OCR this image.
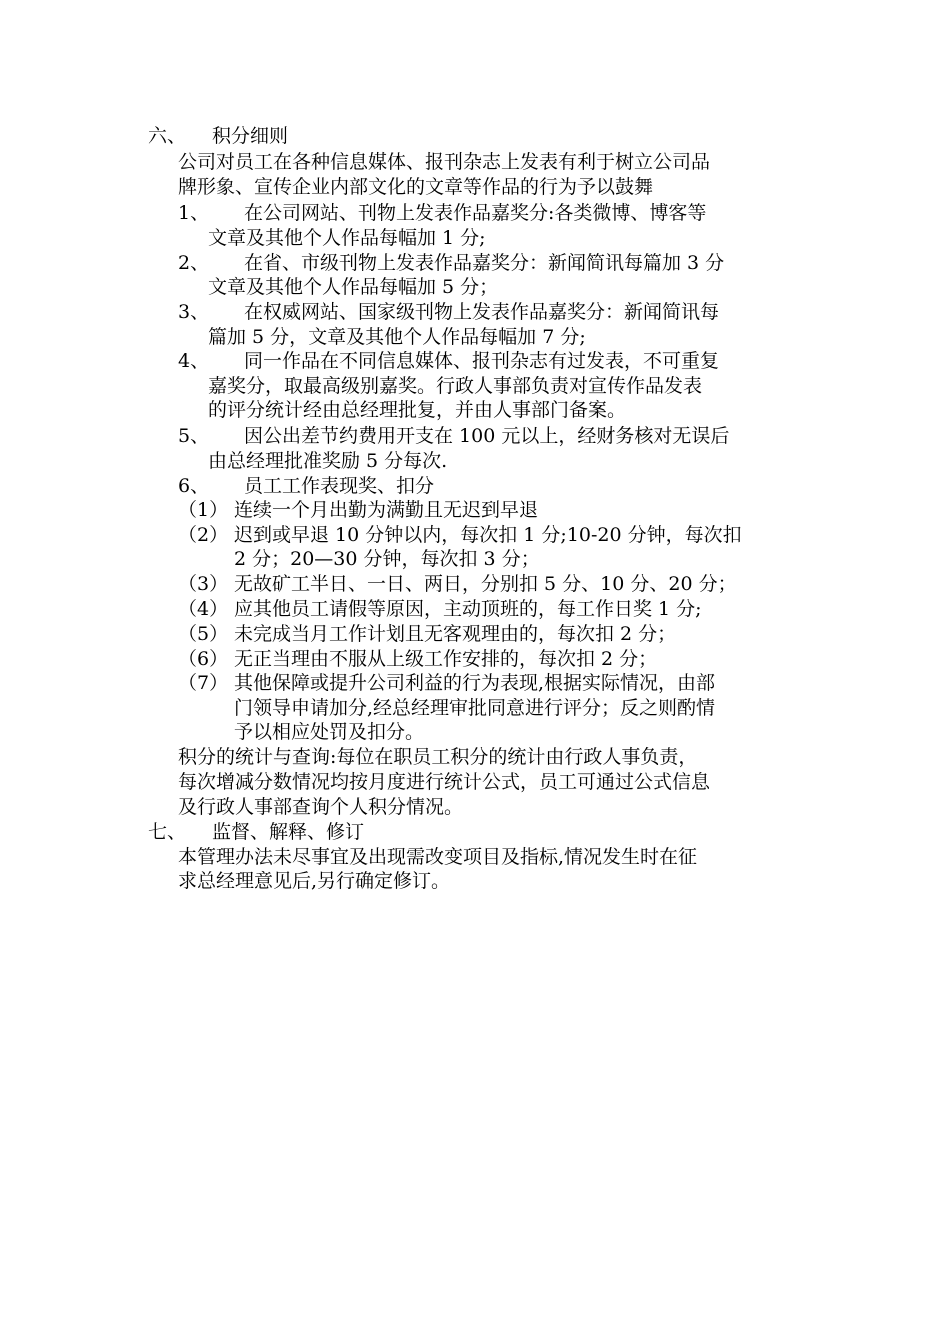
六、 积分细则
公司对员工在各种信息媒体、报刊杂志上发表有利于树立公司品
牌形象、宣传企业内部文化的文章等作品的行为予以鼓舞
1、 在公司网站、刊物上发表作品嘉奖分:各类微博、博客等
文章及其他个人作品每幅加 1 分;
2、 在省、市级刊物上发表作品嘉奖分：新闻简讯每篇加 3 分
文章及其他个人作品每幅加 5 分；
3、 在权威网站、国家级刊物上发表作品嘉奖分：新闻简讯每
篇加 5 分，文章及其他个人作品每幅加 7 分;
4、 同一作品在不同信息媒体、报刊杂志有过发表，不可重复
嘉奖分，取最高级别嘉奖。行政人事部负责对宣传作品发表
的评分统计经由总经理批复，并由人事部门备案。
5、 因公出差节约费用开支在 100 元以上，经财务核对无误后
由总经理批准奖励 5 分每次.
6、 员工工作表现奖、扣分
（1） 连续一个月出勤为满勤且无迟到早退
（2） 迟到或早退 10 分钟以内，每次扣 1 分;10-20 分钟，每次扣
2 分；20—30 分钟，每次扣 3 分；
（3） 无故矿工半日、一日、两日，分别扣 5 分、10 分、20 分；
（4） 应其他员工请假等原因，主动顶班的，每工作日奖 1 分;
（5） 未完成当月工作计划且无客观理由的，每次扣 2 分；
（6） 无正当理由不服从上级工作安排的，每次扣 2 分；
（7） 其他保障或提升公司利益的行为表现,根据实际情况，由部
门领导申请加分,经总经理审批同意进行评分；反之则酌情
予以相应处罚及扣分。
积分的统计与查询:每位在职员工积分的统计由行政人事负责，
每次增减分数情况均按月度进行统计公式，员工可通过公式信息
及行政人事部查询个人积分情况。
七、 监督、解释、修订
本管理办法未尽事宜及出现需改变项目及指标,情况发生时在征
求总经理意见后,另行确定修订。
